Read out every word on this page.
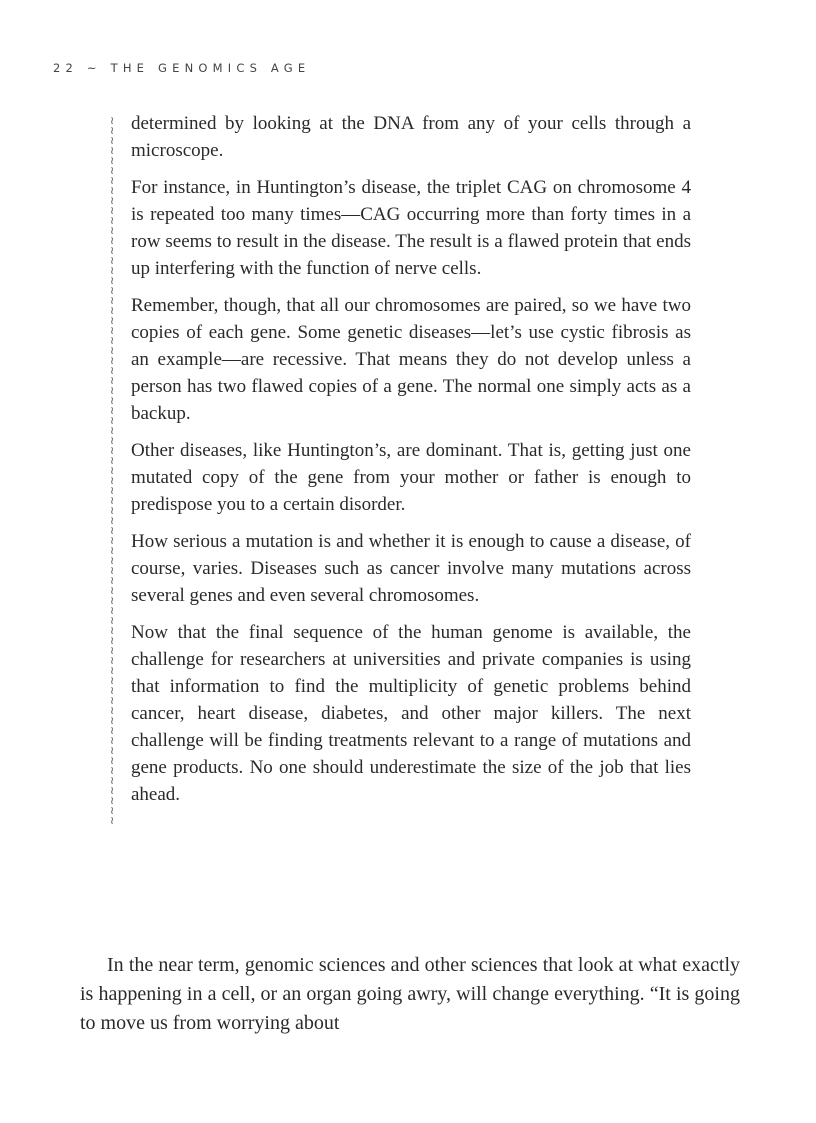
22 ~ THE GENOMICS AGE
≀
≀
≀
≀
≀
≀
≀
≀
≀
≀
≀
≀
≀
≀
≀
≀
≀
≀
≀
≀
≀
≀
≀
≀
≀
≀
≀
≀
≀
≀
≀
≀
≀
≀
≀
≀
≀
≀
≀
≀
≀
≀
≀
≀
≀
≀
≀
≀
≀
≀
≀
≀
≀
≀
≀
≀
≀
≀
≀
≀
≀
≀
≀
≀
≀
≀
≀
≀
≀
≀
≀

determined by looking at the DNA from any of your cells through a microscope.

For instance, in Huntington’s disease, the triplet CAG on chromosome 4 is repeated too many times—CAG occurring more than forty times in a row seems to result in the disease. The result is a flawed protein that ends up interfering with the function of nerve cells.

Remember, though, that all our chromosomes are paired, so we have two copies of each gene. Some genetic diseases—let’s use cystic fibrosis as an example—are recessive. That means they do not develop unless a person has two flawed copies of a gene. The normal one simply acts as a backup.

Other diseases, like Huntington’s, are dominant. That is, getting just one mutated copy of the gene from your mother or father is enough to predispose you to a certain disorder.

How serious a mutation is and whether it is enough to cause a disease, of course, varies. Diseases such as cancer involve many mutations across several genes and even several chromosomes.

Now that the final sequence of the human genome is available, the challenge for researchers at universities and private companies is using that information to find the multiplicity of genetic problems behind cancer, heart disease, diabetes, and other major killers. The next challenge will be finding treatments relevant to a range of mutations and gene products. No one should underestimate the size of the job that lies ahead.

In the near term, genomic sciences and other sciences that look at what exactly is happening in a cell, or an organ going awry, will change everything. “It is going to move us from worrying about
